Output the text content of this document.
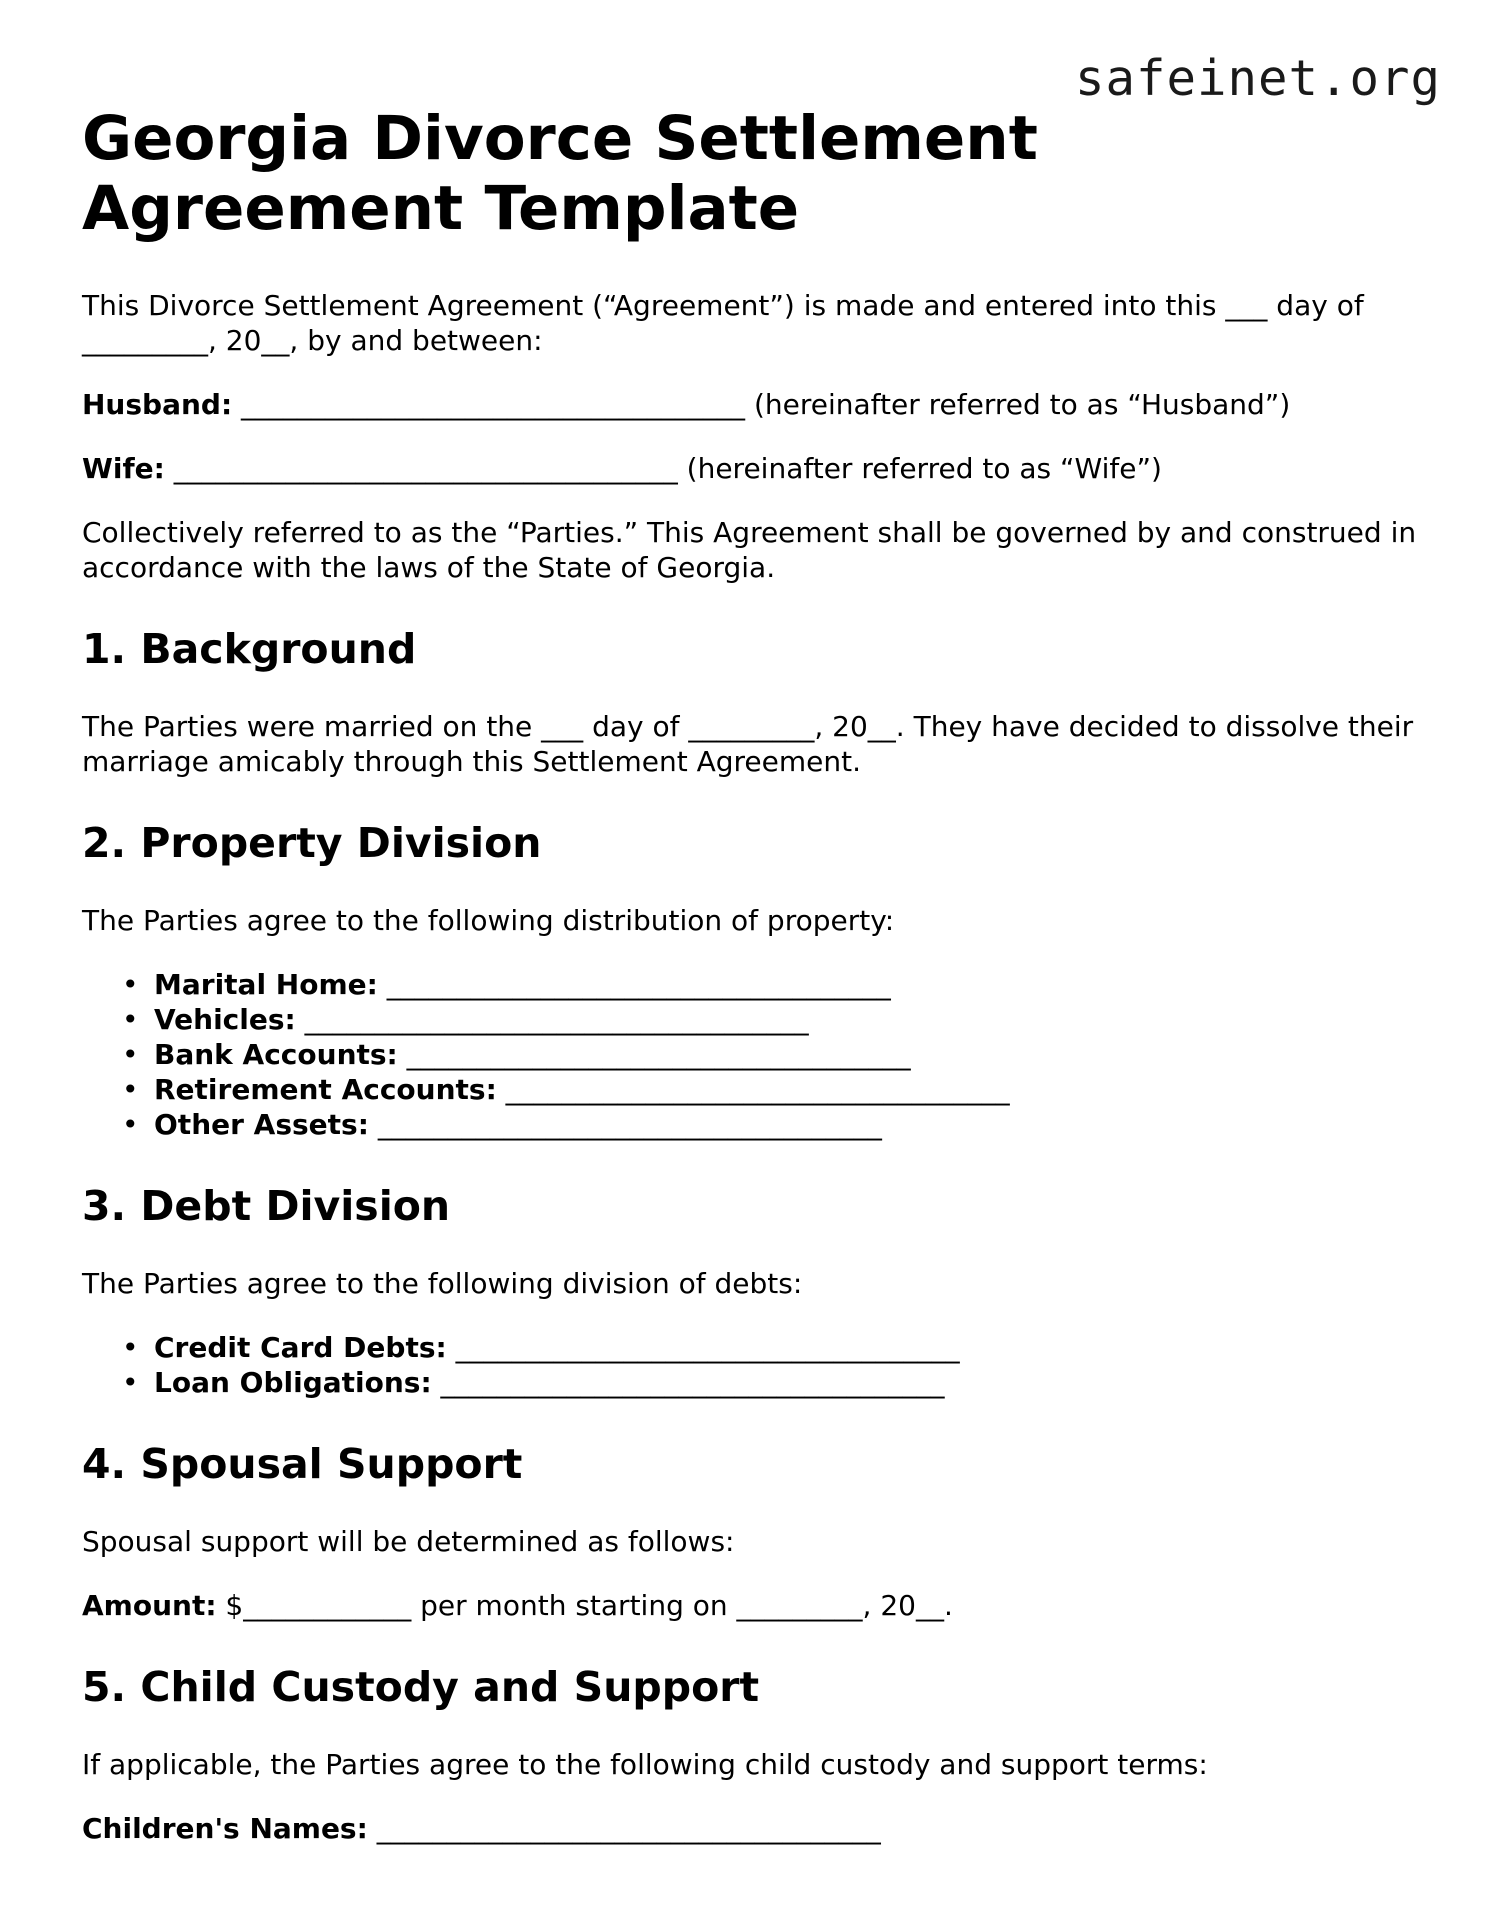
safeinet.org
Georgia Divorce Settlement Agreement Template

This Divorce Settlement Agreement (“Agreement”) is made and entered into this ___ day of _________, 20__, by and between:

Husband: ____________________________________ (hereinafter referred to as “Husband”)

Wife: ____________________________________ (hereinafter referred to as “Wife”)

Collectively referred to as the “Parties.” This Agreement shall be governed by and construed in accordance with the laws of the State of Georgia.

1. Background

The Parties were married on the ___ day of _________, 20__. They have decided to dissolve their marriage amicably through this Settlement Agreement.

2. Property Division

The Parties agree to the following distribution of property:

• Marital Home: ____________________________________
• Vehicles: ____________________________________
• Bank Accounts: ____________________________________
• Retirement Accounts: ____________________________________
• Other Assets: ____________________________________
3. Debt Division

The Parties agree to the following division of debts:

• Credit Card Debts: ____________________________________
• Loan Obligations: ____________________________________
4. Spousal Support

Spousal support will be determined as follows:

Amount: $____________ per month starting on _________, 20__.

5. Child Custody and Support

If applicable, the Parties agree to the following child custody and support terms:

Children's Names: ____________________________________
